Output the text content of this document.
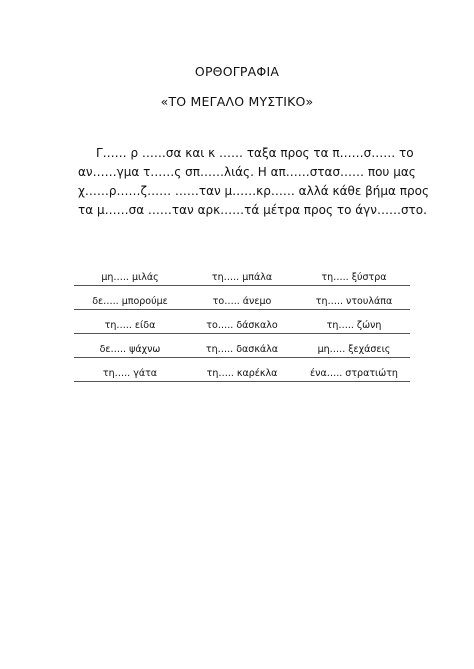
ΟΡΘΟΓΡΑΦΙΑ
«ΤΟ ΜΕΓΑΛΟ ΜΥΣΤΙΚΟ»
Γ…… ρ ……σα και κ …… ταξα προς τα π……σ…… το
αν……γμα τ……ς σπ……λιάς. Η απ……στασ…… που μας
χ……ρ……ζ…… ……ταν μ……κρ…… αλλά κάθε βήμα προς
τα μ……σα ……ταν αρκ……τά μέτρα προς το άγν……στο.
μη….. μιλάς	τη….. μπάλα	τη….. ξύστρα
δε….. μπορούμε	το….. άνεμο	τη….. ντουλάπα
τη….. είδα	το….. δάσκαλο	τη….. ζώνη
δε….. ψάχνω	τη….. δασκάλα	μη….. ξεχάσεις
τη….. γάτα	τη….. καρέκλα	ένα….. στρατιώτη
